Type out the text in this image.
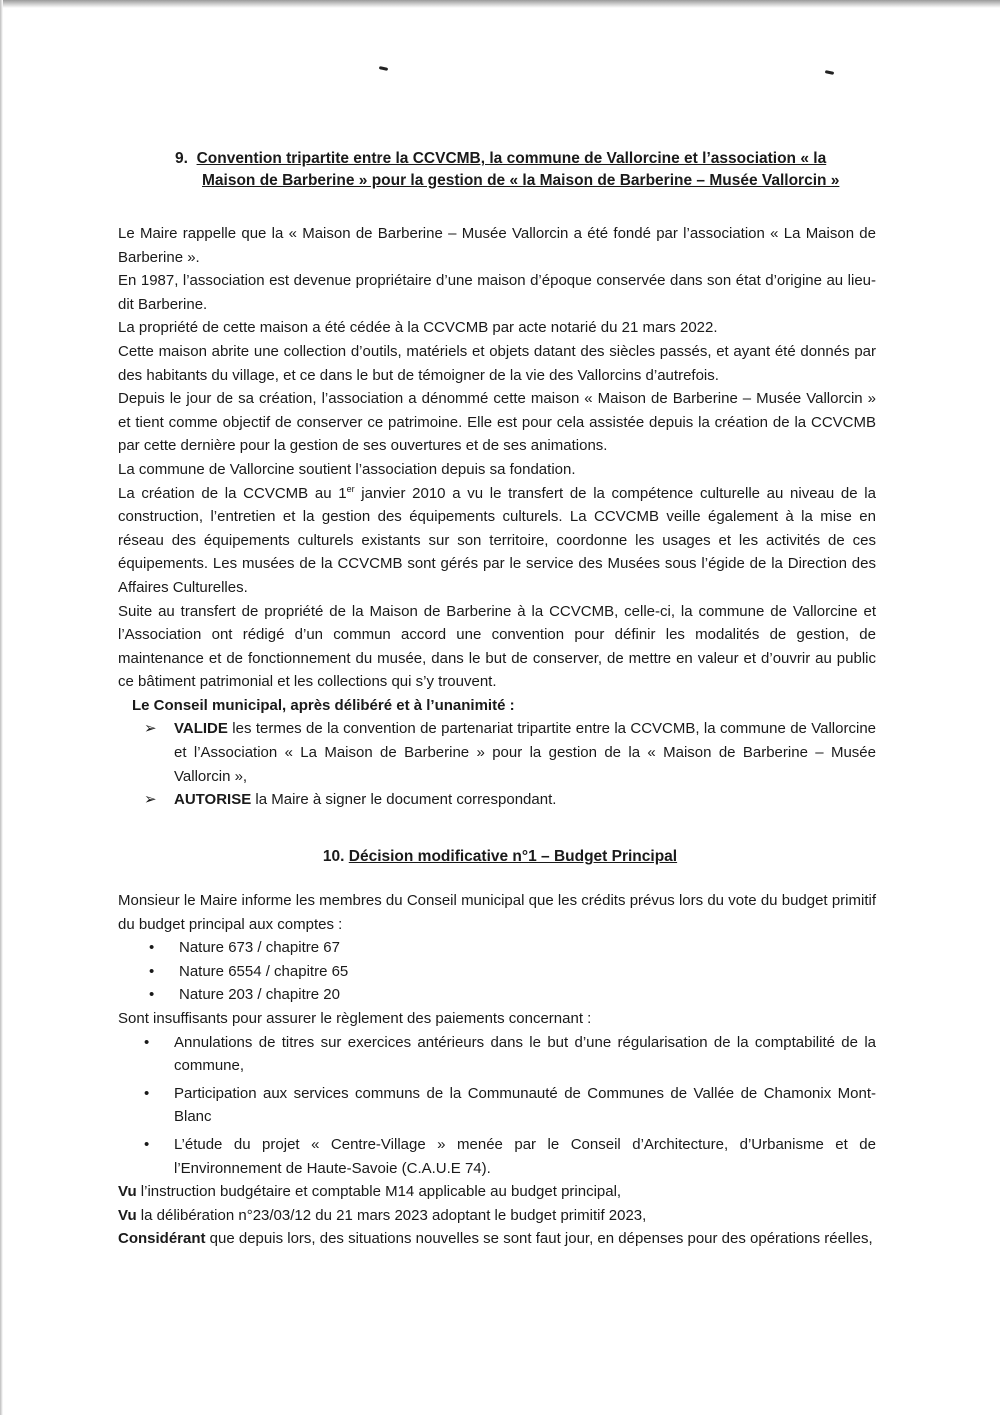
9. Convention tripartite entre la CCVCMB, la commune de Vallorcine et l’association « la Maison de Barberine » pour la gestion de « la Maison de Barberine – Musée Vallorcin »

Le Maire rappelle que la « Maison de Barberine – Musée Vallorcin a été fondé par l’association « La Maison de Barberine ».

En 1987, l’association est devenue propriétaire d’une maison d’époque conservée dans son état d’origine au lieu-dit Barberine.

La propriété de cette maison a été cédée à la CCVCMB par acte notarié du 21 mars 2022.

Cette maison abrite une collection d’outils, matériels et objets datant des siècles passés, et ayant été donnés par des habitants du village, et ce dans le but de témoigner de la vie des Vallorcins d’autrefois.

Depuis le jour de sa création, l’association a dénommé cette maison « Maison de Barberine – Musée Vallorcin » et tient comme objectif de conserver ce patrimoine. Elle est pour cela assistée depuis la création de la CCVCMB par cette dernière pour la gestion de ses ouvertures et de ses animations.

La commune de Vallorcine soutient l’association depuis sa fondation.

La création de la CCVCMB au 1er janvier 2010 a vu le transfert de la compétence culturelle au niveau de la construction, l’entretien et la gestion des équipements culturels. La CCVCMB veille également à la mise en réseau des équipements culturels existants sur son territoire, coordonne les usages et les activités de ces équipements. Les musées de la CCVCMB sont gérés par le service des Musées sous l’égide de la Direction des Affaires Culturelles.

Suite au transfert de propriété de la Maison de Barberine à la CCVCMB, celle-ci, la commune de Vallorcine et l’Association ont rédigé d’un commun accord une convention pour définir les modalités de gestion, de maintenance et de fonctionnement du musée, dans le but de conserver, de mettre en valeur et d’ouvrir au public ce bâtiment patrimonial et les collections qui s’y trouvent.

Le Conseil municipal, après délibéré et à l’unanimité :

➢ VALIDE les termes de la convention de partenariat tripartite entre la CCVCMB, la commune de Vallorcine et l’Association « La Maison de Barberine » pour la gestion de la « Maison de Barberine – Musée Vallorcin »,
➢ AUTORISE la Maire à signer le document correspondant.
10. Décision modificative n°1 – Budget Principal

Monsieur le Maire informe les membres du Conseil municipal que les crédits prévus lors du vote du budget primitif du budget principal aux comptes :

• Nature 673 / chapitre 67
• Nature 6554 / chapitre 65
• Nature 203 / chapitre 20

Sont insuffisants pour assurer le règlement des paiements concernant :

• Annulations de titres sur exercices antérieurs dans le but d’une régularisation de la comptabilité de la commune,
• Participation aux services communs de la Communauté de Communes de Vallée de Chamonix Mont-Blanc
• L’étude du projet « Centre-Village » menée par le Conseil d’Architecture, d’Urbanisme et de l’Environnement de Haute-Savoie (C.A.U.E 74).

Vu l’instruction budgétaire et comptable M14 applicable au budget principal,

Vu la délibération n°23/03/12 du 21 mars 2023 adoptant le budget primitif 2023,

Considérant que depuis lors, des situations nouvelles se sont faut jour, en dépenses pour des opérations réelles,
